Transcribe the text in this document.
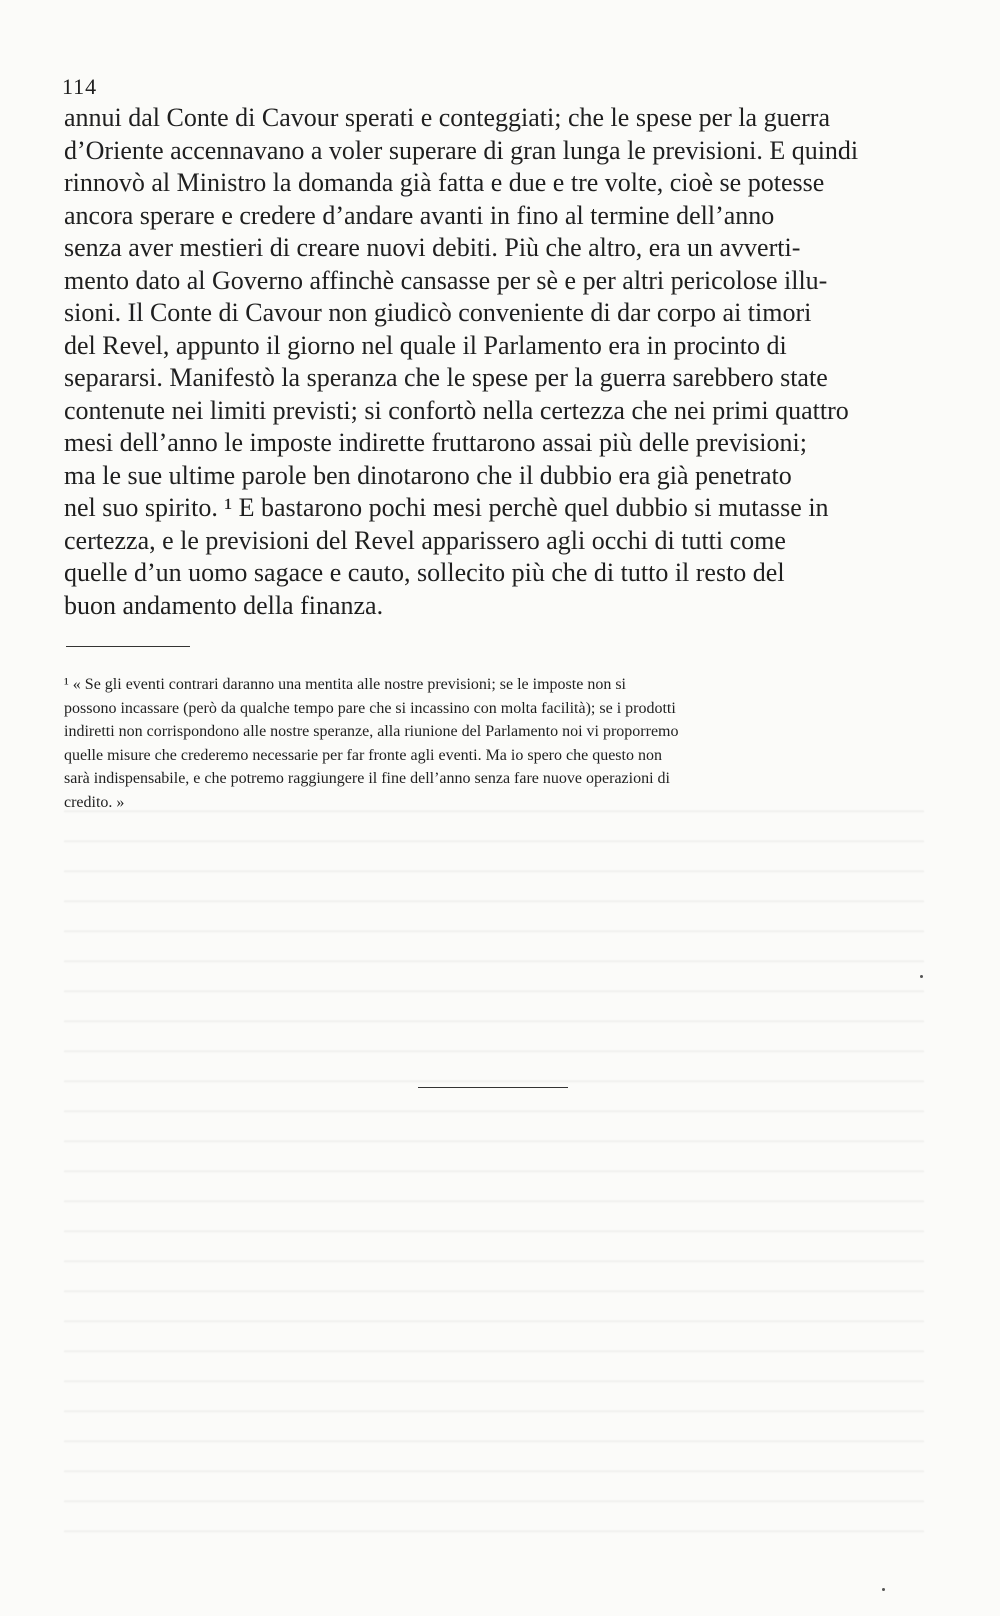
114
annui dal Conte di Cavour sperati e conteggiati; che le spese per la guerra
d’Oriente accennavano a voler superare di gran lunga le previsioni. E quindi
rinnovò al Ministro la domanda già fatta e due e tre volte, cioè se potesse
ancora sperare e credere d’andare avanti in fino al termine dell’anno
senza aver mestieri di creare nuovi debiti. Più che altro, era un avverti-
mento dato al Governo affinchè cansasse per sè e per altri pericolose illu-
sioni. Il Conte di Cavour non giudicò conveniente di dar corpo ai timori
del Revel, appunto il giorno nel quale il Parlamento era in procinto di
separarsi. Manifestò la speranza che le spese per la guerra sarebbero state
contenute nei limiti previsti; si confortò nella certezza che nei primi quattro
mesi dell’anno le imposte indirette fruttarono assai più delle previsioni;
ma le sue ultime parole ben dinotarono che il dubbio era già penetrato
nel suo spirito. ¹ E bastarono pochi mesi perchè quel dubbio si mutasse in
certezza, e le previsioni del Revel apparissero agli occhi di tutti come
quelle d’un uomo sagace e cauto, sollecito più che di tutto il resto del
buon andamento della finanza.
¹ « Se gli eventi contrari daranno una mentita alle nostre previsioni; se le imposte non si
possono incassare (però da qualche tempo pare che si incassino con molta facilità); se i prodotti
indiretti non corrispondono alle nostre speranze, alla riunione del Parlamento noi vi proporremo
quelle misure che crederemo necessarie per far fronte agli eventi. Ma io spero che questo non
sarà indispensabile, e che potremo raggiungere il fine dell’anno senza fare nuove operazioni di
credito. »
